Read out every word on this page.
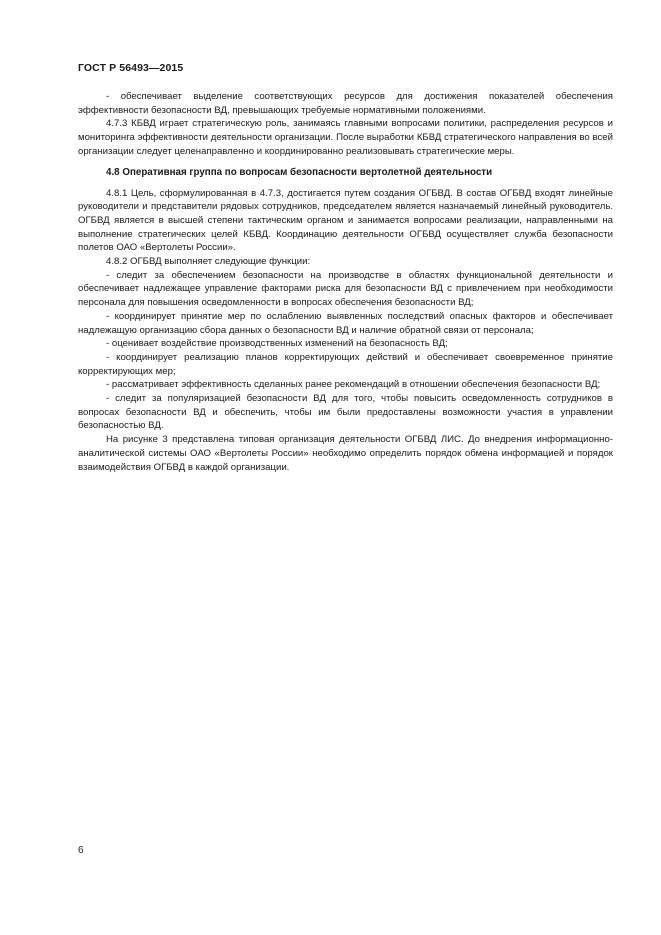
ГОСТ Р 56493—2015

- обеспечивает выделение соответствующих ресурсов для достижения показателей обеспечения эффективности безопасности ВД, превышающих требуемые нормативными положениями.

4.7.3 КБВД играет стратегическую роль, занимаясь главными вопросами политики, распределения ресурсов и мониторинга эффективности деятельности организации. После выработки КБВД стратегического направления во всей организации следует целенаправленно и координированно реализовывать стратегические меры.

4.8 Оперативная группа по вопросам безопасности вертолетной деятельности

4.8.1 Цель, сформулированная в 4.7.3, достигается путем создания ОГБВД. В состав ОГБВД входят линейные руководители и представители рядовых сотрудников, председателем является назначаемый линейный руководитель. ОГБВД является в высшей степени тактическим органом и занимается вопросами реализации, направленными на выполнение стратегических целей КБВД. Координацию деятельности ОГБВД осуществляет служба безопасности полетов ОАО «Вертолеты России».

4.8.2 ОГБВД выполняет следующие функции:

- следит за обеспечением безопасности на производстве в областях функциональной деятельности и обеспечивает надлежащее управление факторами риска для безопасности ВД с привлечением при необходимости персонала для повышения осведомленности в вопросах обеспечения безопасности ВД;

- координирует принятие мер по ослаблению выявленных последствий опасных факторов и обеспечивает надлежащую организацию сбора данных о безопасности ВД и наличие обратной связи от персонала;

- оценивает воздействие производственных изменений на безопасность ВД;

- координирует реализацию планов корректирующих действий и обеспечивает своевременное принятие корректирующих мер;

- рассматривает эффективность сделанных ранее рекомендаций в отношении обеспечения безопасности ВД;

- следит за популяризацией безопасности ВД для того, чтобы повысить осведомленность сотрудников в вопросах безопасности ВД и обеспечить, чтобы им были предоставлены возможности участия в управлении безопасностью ВД.

На рисунке 3 представлена типовая организация деятельности ОГБВД ЛИС. До внедрения информационно-аналитической системы ОАО «Вертолеты России» необходимо определить порядок обмена информацией и порядок взаимодействия ОГБВД в каждой организации.

6
